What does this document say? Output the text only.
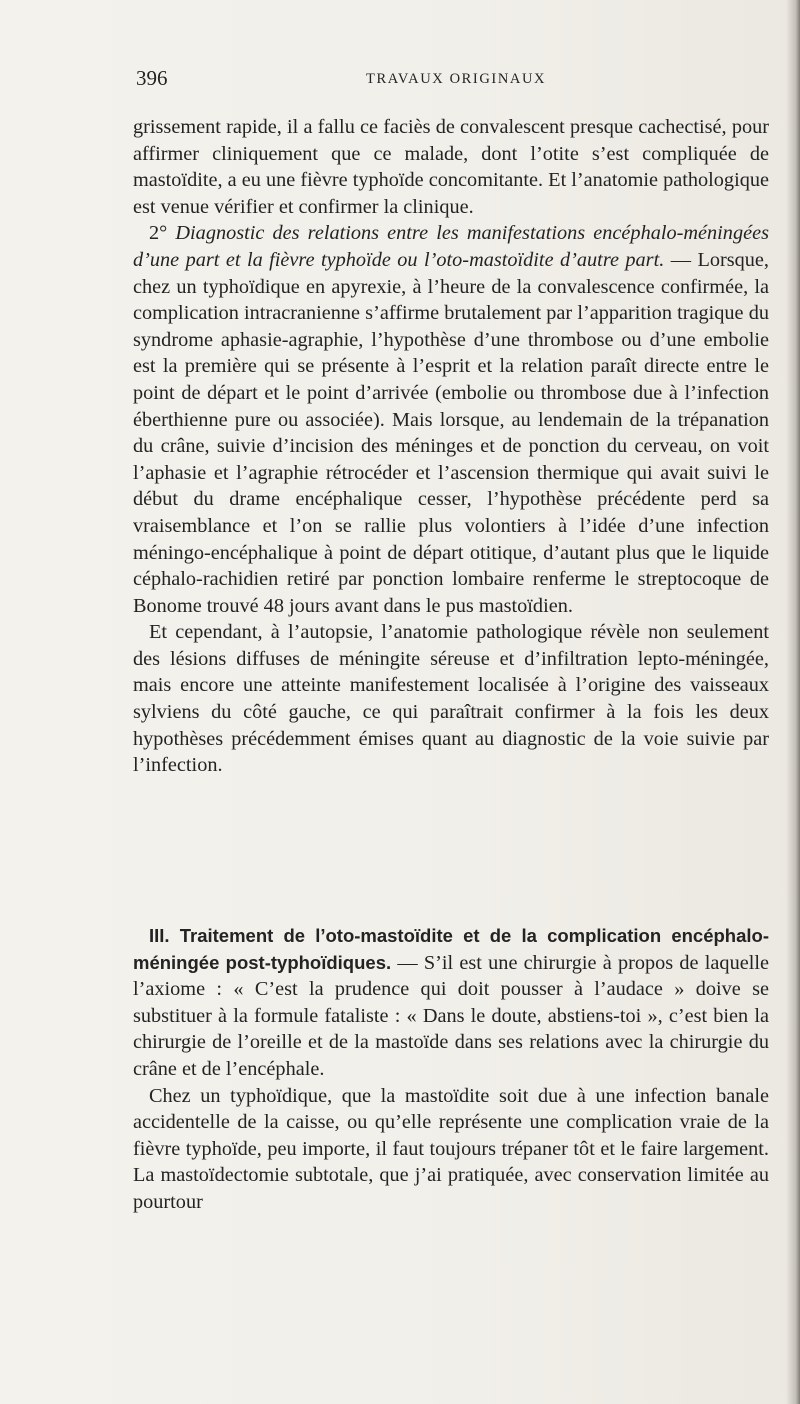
396	TRAVAUX ORIGINAUX

grissement rapide, il a fallu ce faciès de convalescent presque cachectisé, pour affirmer cliniquement que ce malade, dont l’otite s’est compliquée de mastoïdite, a eu une fièvre typhoïde concomitante. Et l’anatomie pathologique est venue vérifier et confirmer la clinique.

2° Diagnostic des relations entre les manifestations encéphalo-méningées d’une part et la fièvre typhoïde ou l’oto-mastoïdite d’autre part. — Lorsque, chez un typhoïdique en apyrexie, à l’heure de la convalescence confirmée, la complication intracranienne s’affirme brutalement par l’apparition tragique du syndrome aphasie-agraphie, l’hypothèse d’une thrombose ou d’une embolie est la première qui se présente à l’esprit et la relation paraît directe entre le point de départ et le point d’arrivée (embolie ou thrombose due à l’infection éberthienne pure ou associée). Mais lorsque, au lendemain de la trépanation du crâne, suivie d’incision des méninges et de ponction du cerveau, on voit l’aphasie et l’agraphie rétrocéder et l’ascension thermique qui avait suivi le début du drame encéphalique cesser, l’hypothèse précédente perd sa vraisemblance et l’on se rallie plus volontiers à l’idée d’une infection méningo-encéphalique à point de départ otitique, d’autant plus que le liquide céphalo-rachidien retiré par ponction lombaire renferme le streptocoque de Bonome trouvé 48 jours avant dans le pus mastoïdien.

Et cependant, à l’autopsie, l’anatomie pathologique révèle non seulement des lésions diffuses de méningite séreuse et d’infiltration lepto-méningée, mais encore une atteinte manifestement localisée à l’origine des vaisseaux sylviens du côté gauche, ce qui paraîtrait confirmer à la fois les deux hypothèses précédemment émises quant au diagnostic de la voie suivie par l’infection.

III. Traitement de l’oto-mastoïdite et de la complication encéphalo-méningée post-typhoïdiques. — S’il est une chirurgie à propos de laquelle l’axiome : « C’est la prudence qui doit pousser à l’audace » doive se substituer à la formule fataliste : « Dans le doute, abstiens-toi », c’est bien la chirurgie de l’oreille et de la mastoïde dans ses relations avec la chirurgie du crâne et de l’encéphale.

Chez un typhoïdique, que la mastoïdite soit due à une infection banale accidentelle de la caisse, ou qu’elle représente une complication vraie de la fièvre typhoïde, peu importe, il faut toujours trépaner tôt et le faire largement. La mastoïdectomie subtotale, que j’ai pratiquée, avec conservation limitée au pourtour
